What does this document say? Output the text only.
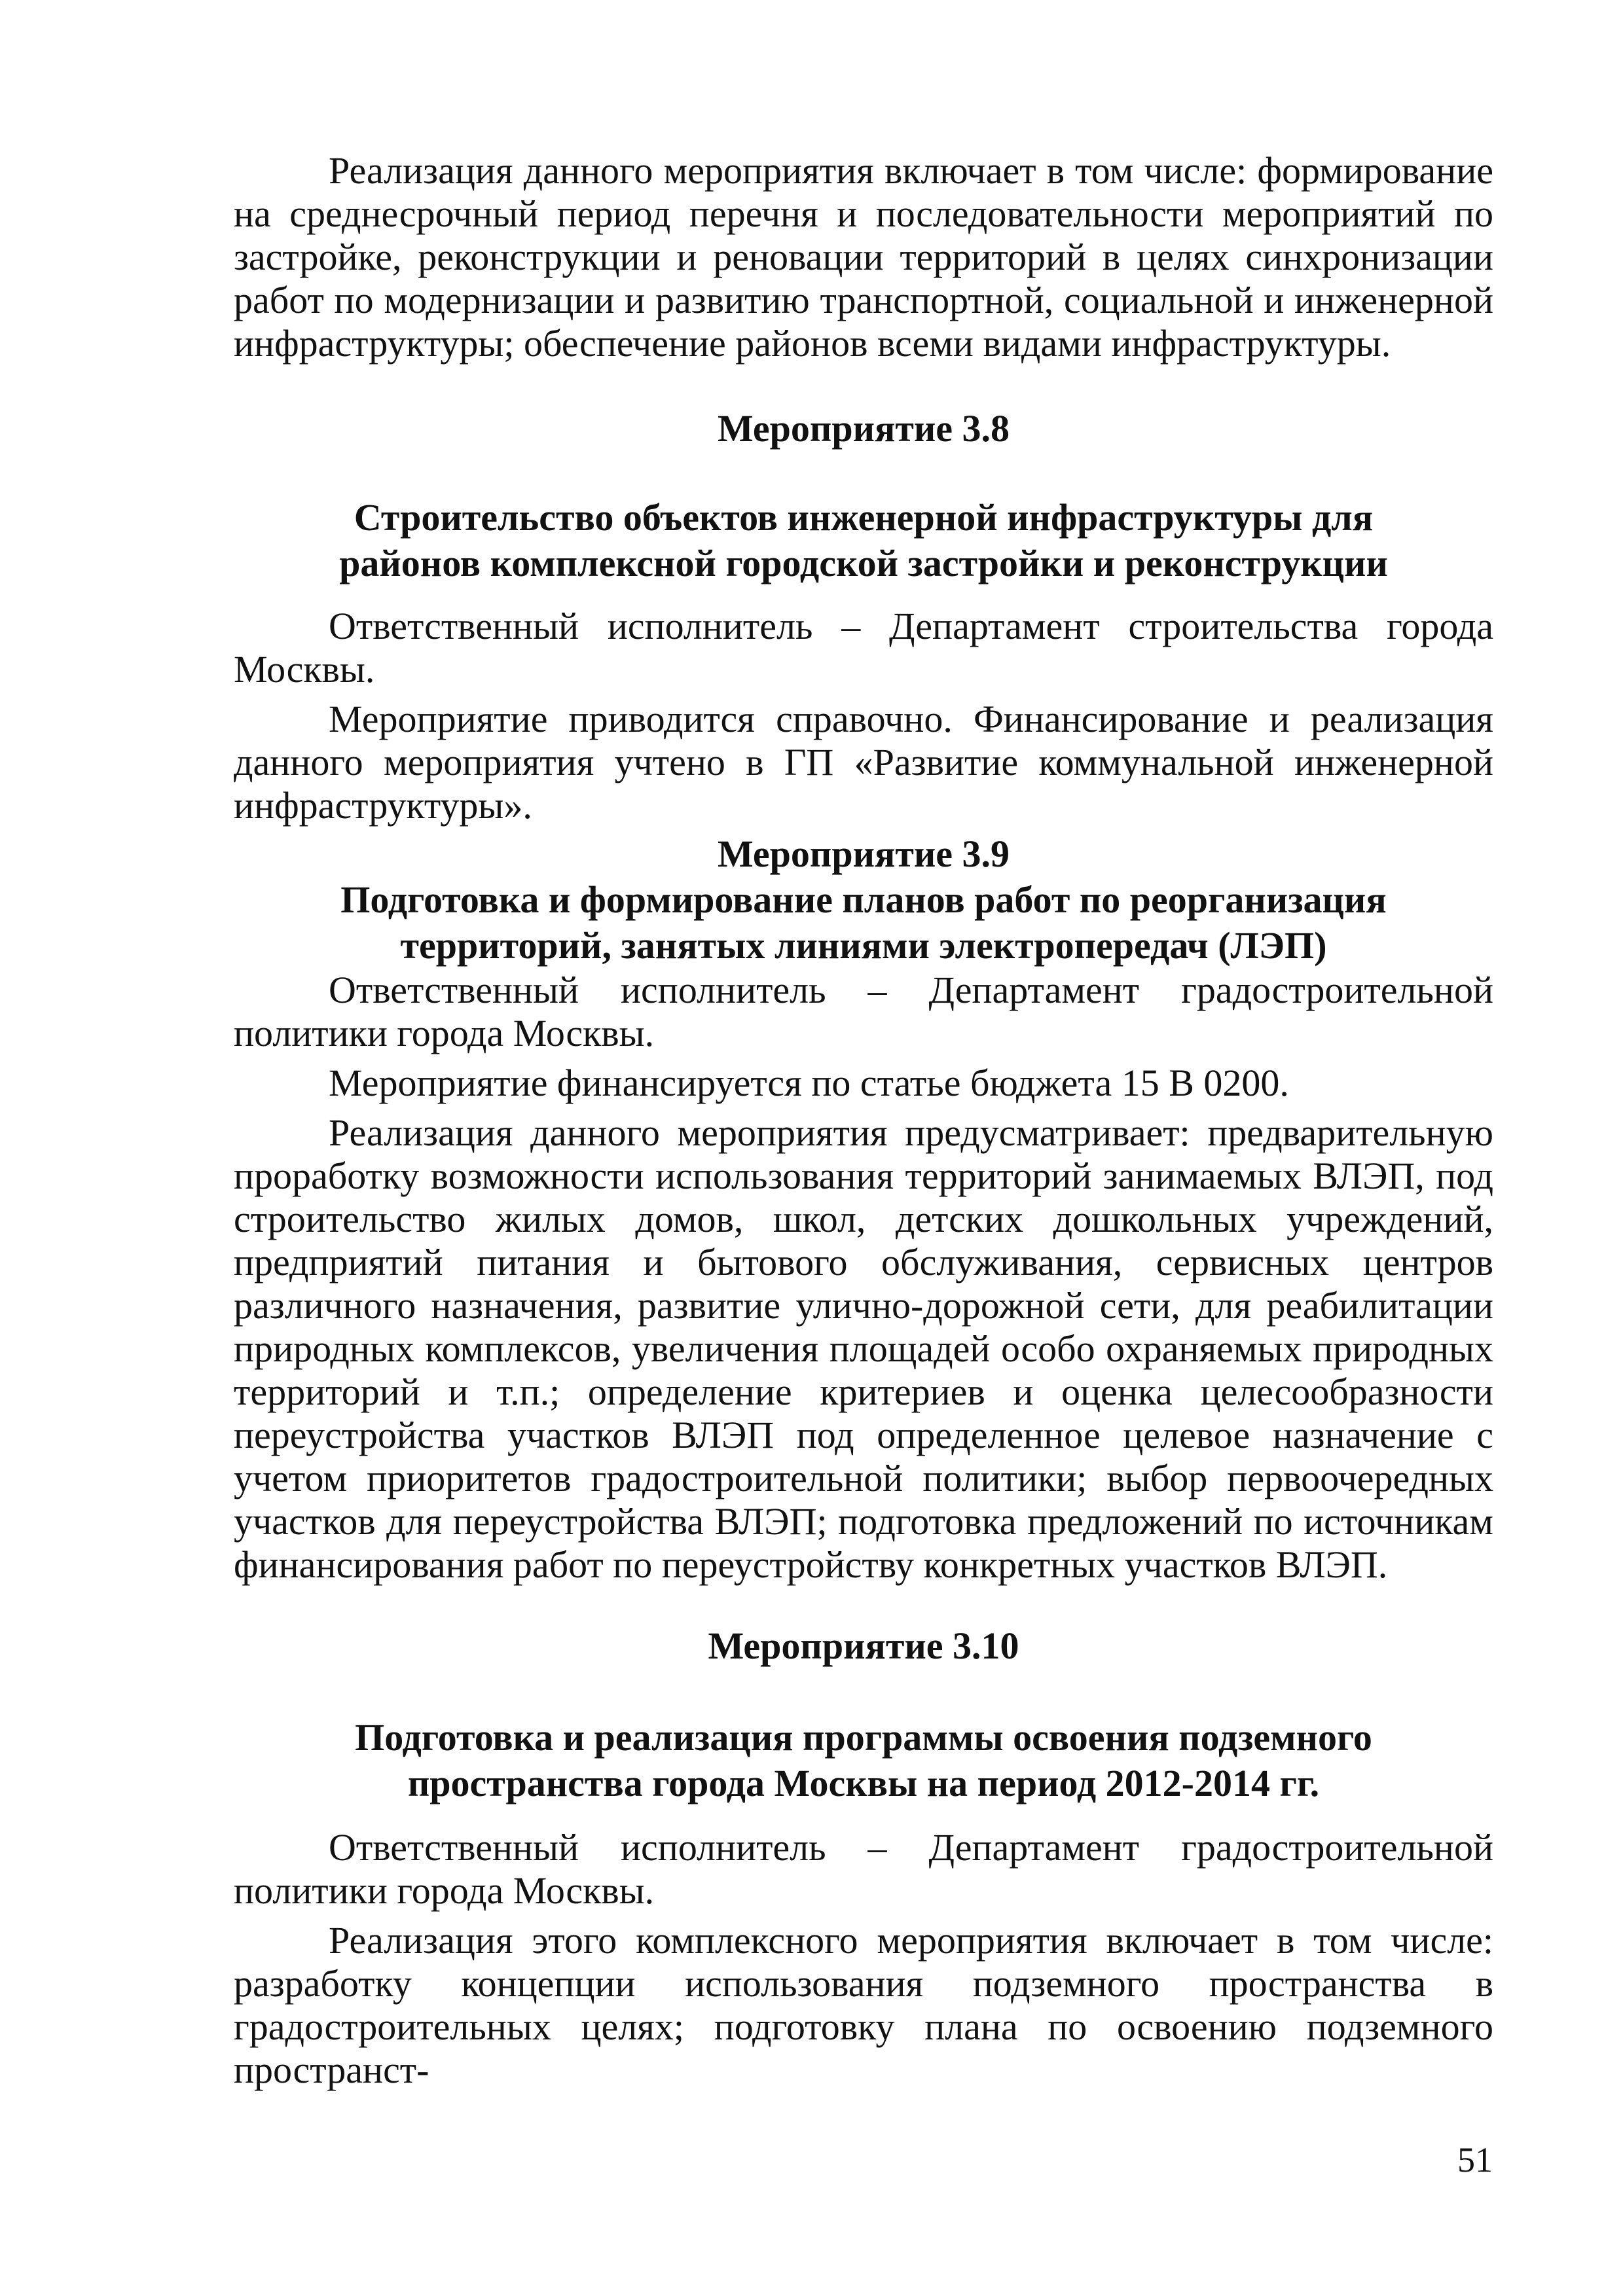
Реализация данного мероприятия включает в том числе: формирование на среднесрочный период перечня и последовательности мероприятий по застройке, реконструкции и реновации территорий в целях синхронизации работ по модернизации и развитию транспортной, социальной и инженерной инфраструктуры; обеспечение районов всеми видами инфраструктуры.

Мероприятие 3.8

Строительство объектов инженерной инфраструктуры для районов комплексной городской застройки и реконструкции

Ответственный исполнитель – Департамент строительства города Москвы.

Мероприятие приводится справочно. Финансирование и реализация данного мероприятия учтено в ГП «Развитие коммунальной инженерной инфраструктуры».

Мероприятие 3.9

Подготовка и формирование планов работ по реорганизация территорий, занятых линиями электропередач (ЛЭП)

Ответственный исполнитель – Департамент градостроительной политики города Москвы.

Мероприятие финансируется по статье бюджета 15 В 0200.

Реализация данного мероприятия предусматривает: предварительную проработку возможности использования территорий занимаемых ВЛЭП, под строительство жилых домов, школ, детских дошкольных учреждений, предприятий питания и бытового обслуживания, сервисных центров различного назначения, развитие улично-дорожной сети, для реабилитации природных комплексов, увеличения площадей особо охраняемых природных территорий и т.п.; определение критериев и оценка целесообразности переустройства участков ВЛЭП под определенное целевое назначение с учетом приоритетов градостроительной политики; выбор первоочередных участков для переустройства ВЛЭП; подготовка предложений по источникам финансирования работ по переустройству конкретных участков ВЛЭП.

Мероприятие 3.10

Подготовка и реализация программы освоения подземного пространства города Москвы на период 2012-2014 гг.

Ответственный исполнитель – Департамент градостроительной политики города Москвы.

Реализация этого комплексного мероприятия включает в том числе: разработку концепции использования подземного пространства в градостроительных целях; подготовку плана по освоению подземного пространст-

51
